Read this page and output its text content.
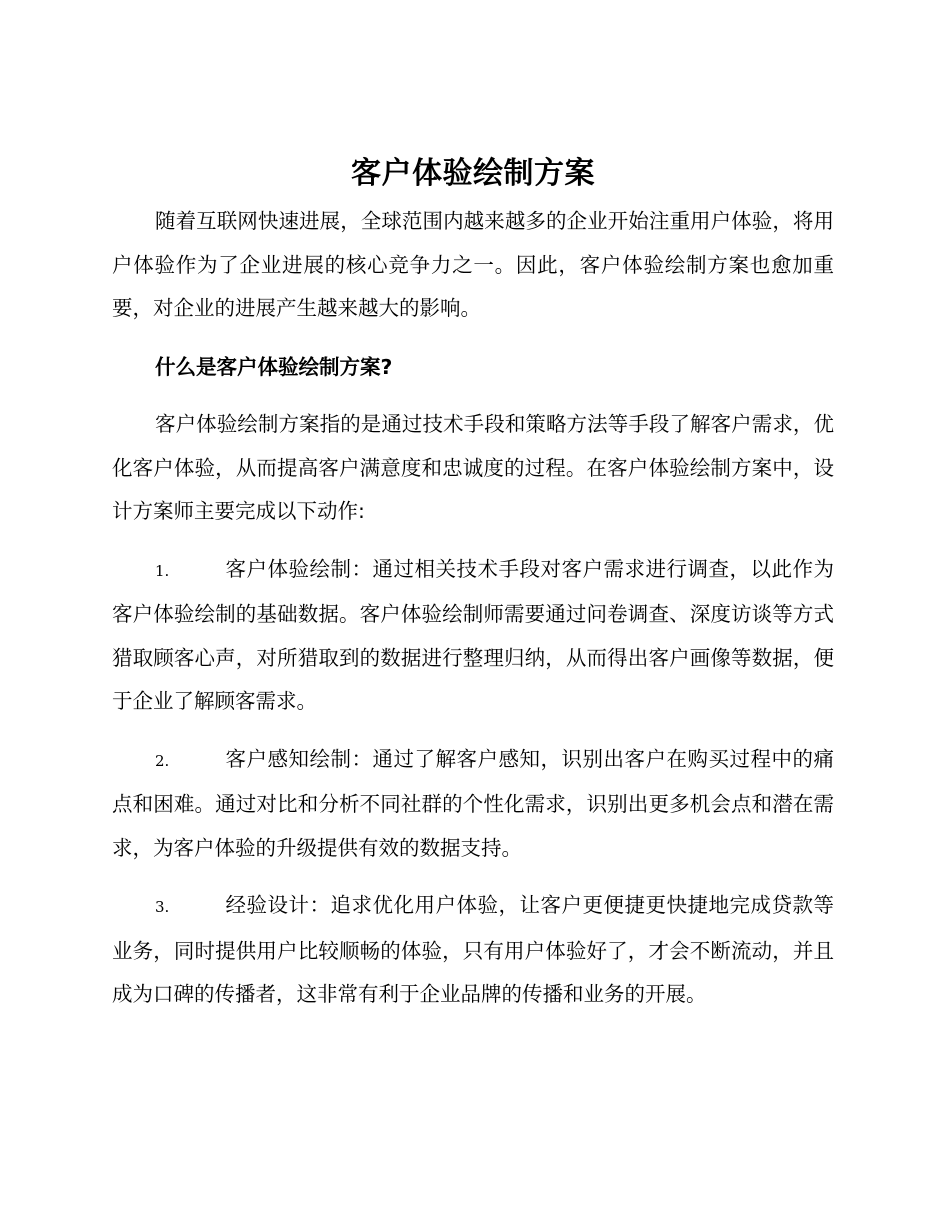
客户体验绘制方案

随着互联网快速进展，全球范围内越来越多的企业开始注重用户体验，将用户体验作为了企业进展的核心竞争力之一。因此，客户体验绘制方案也愈加重要，对企业的进展产生越来越大的影响。

什么是客户体验绘制方案?

客户体验绘制方案指的是通过技术手段和策略方法等手段了解客户需求，优化客户体验，从而提高客户满意度和忠诚度的过程。在客户体验绘制方案中，设计方案师主要完成以下动作:

1.	客户体验绘制：通过相关技术手段对客户需求进行调查，以此作为客户体验绘制的基础数据。客户体验绘制师需要通过问卷调查、深度访谈等方式猎取顾客心声，对所猎取到的数据进行整理归纳，从而得出客户画像等数据，便于企业了解顾客需求。

2.	客户感知绘制：通过了解客户感知，识别出客户在购买过程中的痛点和困难。通过对比和分析不同社群的个性化需求，识别出更多机会点和潜在需求，为客户体验的升级提供有效的数据支持。

3.	经验设计：追求优化用户体验，让客户更便捷更快捷地完成贷款等业务，同时提供用户比较顺畅的体验，只有用户体验好了，才会不断流动，并且成为口碑的传播者，这非常有利于企业品牌的传播和业务的开展。
